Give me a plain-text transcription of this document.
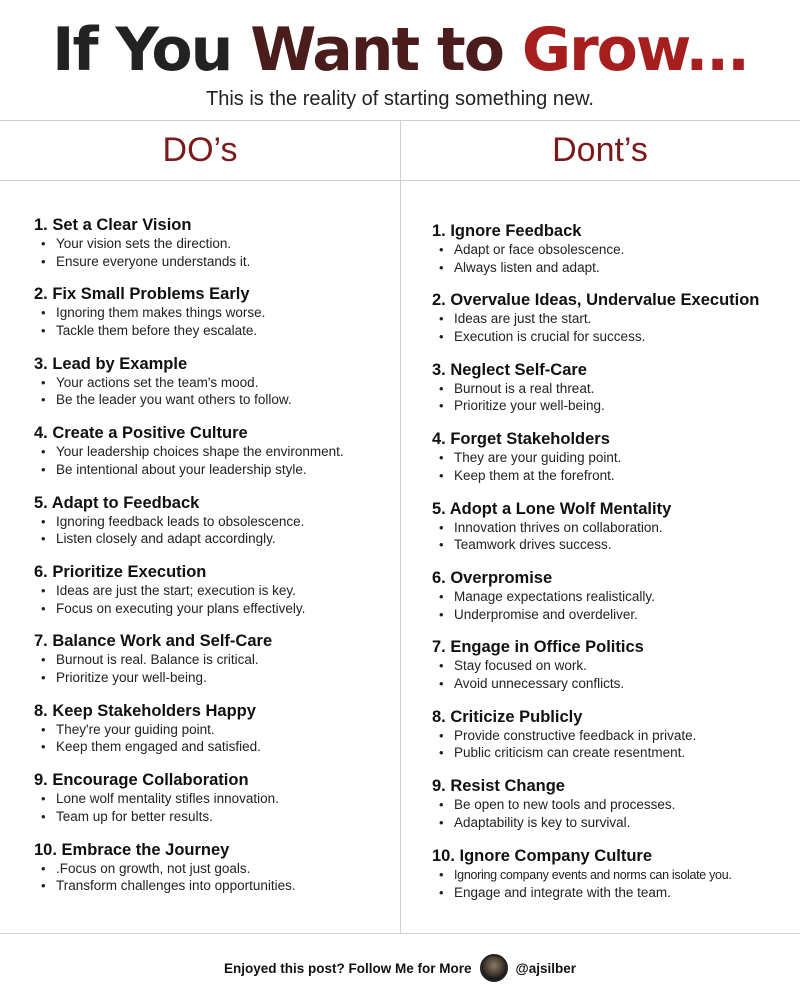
If You Want to Grow...
This is the reality of starting something new.
DO’s	Dont’s
1. Set a Clear Vision
• Your vision sets the direction.
• Ensure everyone understands it.
2. Fix Small Problems Early
• Ignoring them makes things worse.
• Tackle them before they escalate.
3. Lead by Example
• Your actions set the team's mood.
• Be the leader you want others to follow.
4. Create a Positive Culture
• Your leadership choices shape the environment.
• Be intentional about your leadership style.
5. Adapt to Feedback
• Ignoring feedback leads to obsolescence.
• Listen closely and adapt accordingly.
6. Prioritize Execution
• Ideas are just the start; execution is key.
• Focus on executing your plans effectively.
7. Balance Work and Self-Care
• Burnout is real. Balance is critical.
• Prioritize your well-being.
8. Keep Stakeholders Happy
• They're your guiding point.
• Keep them engaged and satisfied.
9. Encourage Collaboration
• Lone wolf mentality stifles innovation.
• Team up for better results.
10. Embrace the Journey
• .Focus on growth, not just goals.
• Transform challenges into opportunities.
1. Ignore Feedback
• Adapt or face obsolescence.
• Always listen and adapt.
2. Overvalue Ideas, Undervalue Execution
• Ideas are just the start.
• Execution is crucial for success.
3. Neglect Self-Care
• Burnout is a real threat.
• Prioritize your well-being.
4. Forget Stakeholders
• They are your guiding point.
• Keep them at the forefront.
5. Adopt a Lone Wolf Mentality
• Innovation thrives on collaboration.
• Teamwork drives success.
6. Overpromise
• Manage expectations realistically.
• Underpromise and overdeliver.
7. Engage in Office Politics
• Stay focused on work.
• Avoid unnecessary conflicts.
8. Criticize Publicly
• Provide constructive feedback in private.
• Public criticism can create resentment.
9. Resist Change
• Be open to new tools and processes.
• Adaptability is key to survival.
10. Ignore Company Culture
• Ignoring company events and norms can isolate you.
• Engage and integrate with the team.
Enjoyed this post? Follow Me for More	@ajsilber
